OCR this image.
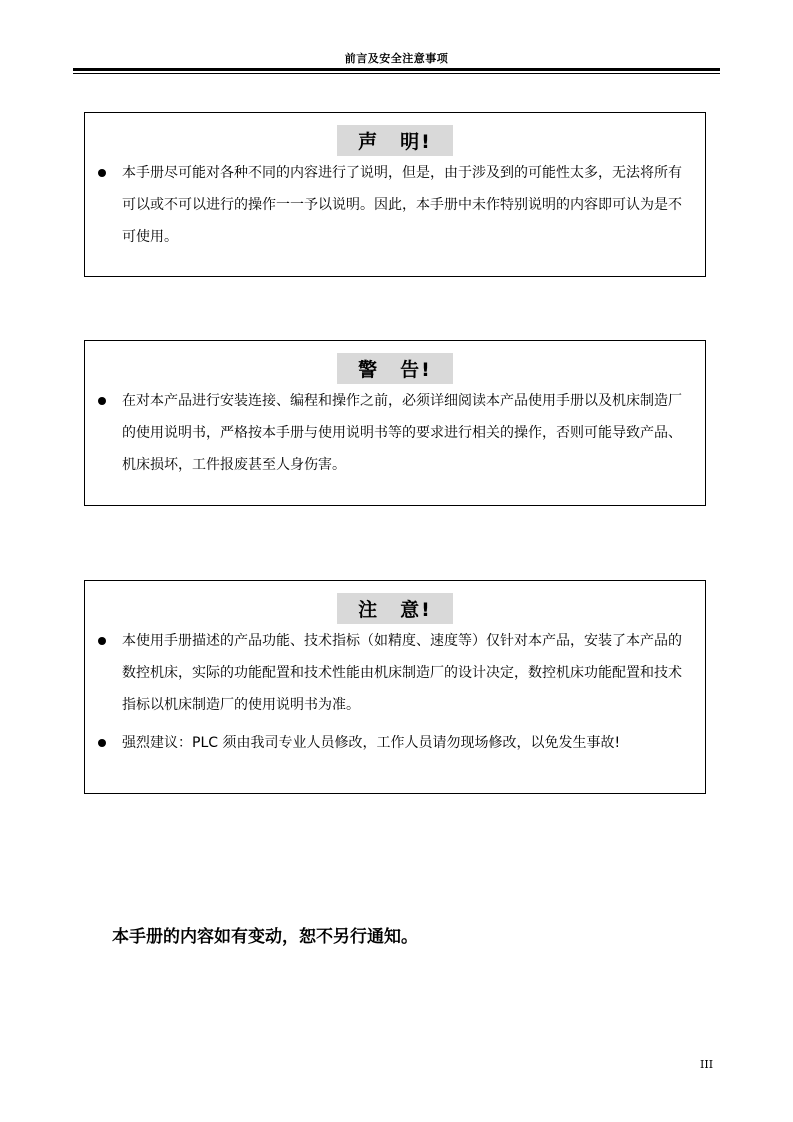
前言及安全注意事项
声　明!
本手册尽可能对各种不同的内容进行了说明，但是，由于涉及到的可能性太多，无法将所有可以或不可以进行的操作一一予以说明。因此，本手册中未作特别说明的内容即可认为是不可使用。
警　告!
在对本产品进行安装连接、编程和操作之前，必须详细阅读本产品使用手册以及机床制造厂的使用说明书，严格按本手册与使用说明书等的要求进行相关的操作，否则可能导致产品、机床损坏，工件报废甚至人身伤害。
注　意!
本使用手册描述的产品功能、技术指标（如精度、速度等）仅针对本产品，安装了本产品的数控机床，实际的功能配置和技术性能由机床制造厂的设计决定，数控机床功能配置和技术指标以机床制造厂的使用说明书为准。
强烈建议：PLC 须由我司专业人员修改，工作人员请勿现场修改，以免发生事故!
本手册的内容如有变动，恕不另行通知。
III
